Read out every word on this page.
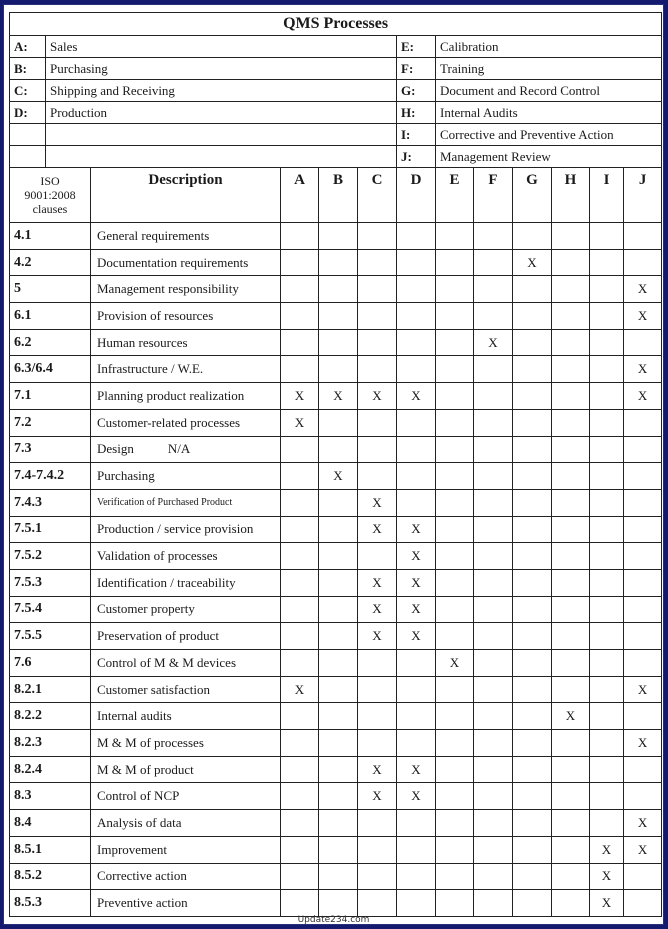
QMS Processes												
A:	Sales					E:	Calibration					
B:	Purchasing					F:	Training					
C:	Shipping and Receiving					G:	Document and Record Control					
D:	Production					H:	Internal Audits					
						I:	Corrective and Preventive Action					
						J:	Management Review					

ISO
9001:2008
clauses		Description	A	B	C	D	E	F	G	H	I	J
4.1		General requirements										
4.2		Documentation requirements							X			
5		Management responsibility										X
6.1		Provision of resources										X
6.2		Human resources						X				
6.3/6.4		Infrastructure / W.E.										X
7.1		Planning product realization	X	X	X	X						X
7.2		Customer-related processes	X									
7.3		Design N/A										
7.4-7.4.2		Purchasing		X								
7.4.3		Verification of Purchased Product			X							
7.5.1		Production / service provision			X	X						
7.5.2		Validation of processes				X						
7.5.3		Identification / traceability			X	X						
7.5.4		Customer property			X	X						
7.5.5		Preservation of product			X	X						
7.6		Control of M & M devices					X					
8.2.1		Customer satisfaction	X									X
8.2.2		Internal audits								X		
8.2.3		M & M of processes										X
8.2.4		M & M of product			X	X						
8.3		Control of NCP			X	X						
8.4		Analysis of data										X
8.5.1		Improvement									X	X
8.5.2		Corrective action									X	
8.5.3		Preventive action									X	
Update234.com
